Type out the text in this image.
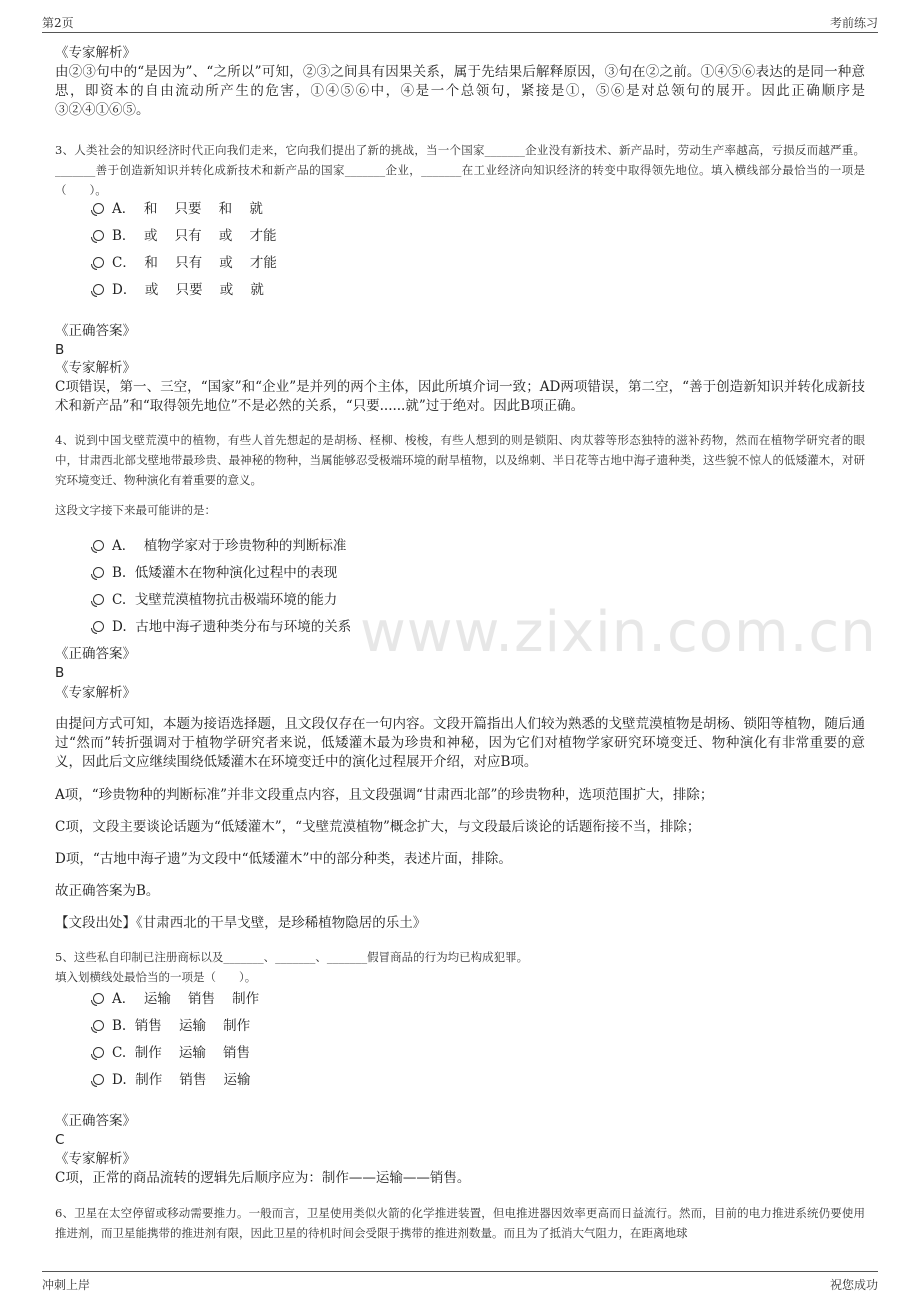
第2页	考前练习
www.zixin.com.cn
《专家解析》
由②③句中的“是因为”、“之所以”可知，②③之间具有因果关系，属于先结果后解释原因，③句在②之前。①④⑤⑥表达的是同一种意思，即资本的自由流动所产生的危害，①④⑤⑥中，④是一个总领句，紧接是①，⑤⑥是对总领句的展开。因此正确顺序是③②④①⑥⑤。
3、人类社会的知识经济时代正向我们走来，它向我们提出了新的挑战，当一个国家_______企业没有新技术、新产品时，劳动生产率越高，亏损反而越严重。_______善于创造新知识并转化成新技术和新产品的国家_______企业，_______在工业经济向知识经济的转变中取得领先地位。填入横线部分最恰当的一项是（　　）。
A．  和    只要    和    就
B．  或    只有    或    才能
C．  和    只有    或    才能
D．  或    只要    或    就
《正确答案》
B
《专家解析》
C项错误，第一、三空，“国家”和“企业”是并列的两个主体，因此所填介词一致；AD两项错误，第二空，“善于创造新知识并转化成新技术和新产品”和“取得领先地位”不是必然的关系，“只要......就”过于绝对。因此B项正确。
4、说到中国戈壁荒漠中的植物，有些人首先想起的是胡杨、柽柳、梭梭，有些人想到的则是锁阳、肉苁蓉等形态独特的滋补药物，然而在植物学研究者的眼中，甘肃西北部戈壁地带最珍贵、最神秘的物种，当属能够忍受极端环境的耐旱植物，以及绵刺、半日花等古地中海孑遗种类，这些貌不惊人的低矮灌木，对研究环境变迁、物种演化有着重要的意义。
这段文字接下来最可能讲的是：
A．  植物学家对于珍贵物种的判断标准
B.  低矮灌木在物种演化过程中的表现
C.  戈壁荒漠植物抗击极端环境的能力
D.  古地中海孑遗种类分布与环境的关系
《正确答案》
B
《专家解析》
由提问方式可知，本题为接语选择题，且文段仅存在一句内容。文段开篇指出人们较为熟悉的戈壁荒漠植物是胡杨、锁阳等植物，随后通过“然而”转折强调对于植物学研究者来说，低矮灌木最为珍贵和神秘，因为它们对植物学家研究环境变迁、物种演化有非常重要的意义，因此后文应继续围绕低矮灌木在环境变迁中的演化过程展开介绍，对应B项。
A项，“珍贵物种的判断标准”并非文段重点内容，且文段强调“甘肃西北部”的珍贵物种，选项范围扩大，排除；
C项，文段主要谈论话题为“低矮灌木”，“戈壁荒漠植物”概念扩大，与文段最后谈论的话题衔接不当，排除；
D项，“古地中海孑遗”为文段中“低矮灌木”中的部分种类，表述片面，排除。
故正确答案为B。
【文段出处】《甘肃西北的干旱戈壁，是珍稀植物隐居的乐土》
5、这些私自印制已注册商标以及_______、_______、_______假冒商品的行为均已构成犯罪。
填入划横线处最恰当的一项是（　　）。
A．  运输    销售    制作
B.  销售    运输    制作
C.  制作    运输    销售
D.  制作    销售    运输
《正确答案》
C
《专家解析》
C项，正常的商品流转的逻辑先后顺序应为：制作——运输——销售。
6、卫星在太空停留或移动需要推力。一般而言，卫星使用类似火箭的化学推进装置，但电推进器因效率更高而日益流行。然而，目前的电力推进系统仍要使用推进剂，而卫星能携带的推进剂有限，因此卫星的待机时间会受限于携带的推进剂数量。而且为了抵消大气阻力，在距离地球
冲刺上岸	祝您成功
